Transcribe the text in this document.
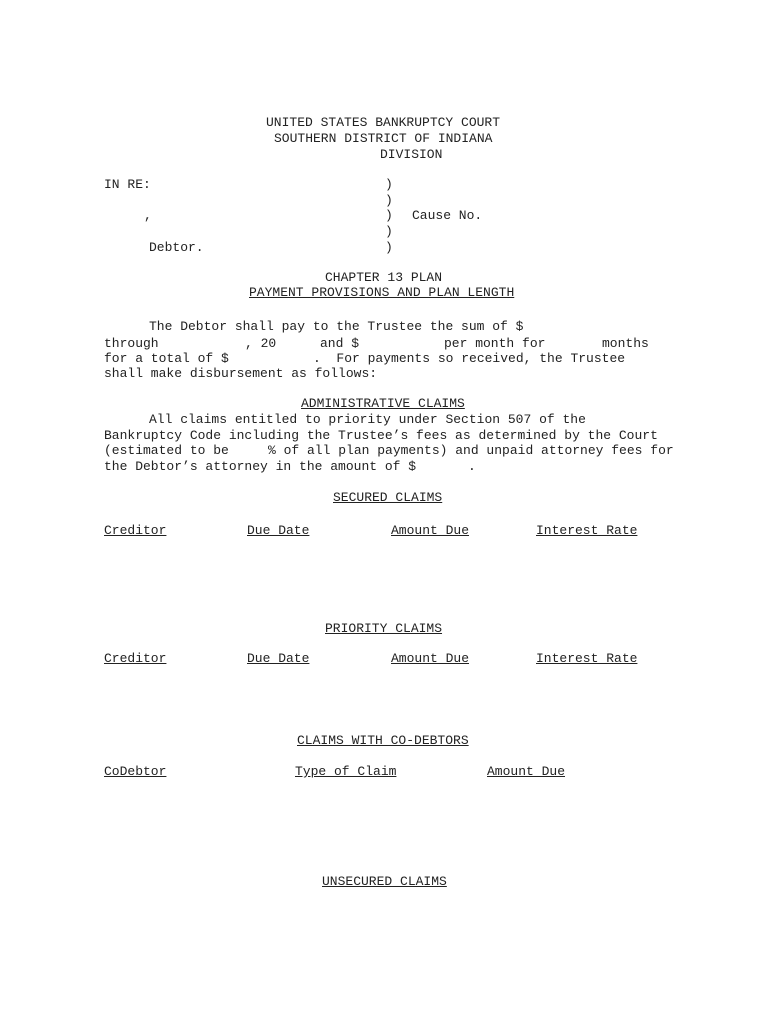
UNITED STATES BANKRUPTCY COURT
SOUTHERN DISTRICT OF INDIANA
DIVISION
IN RE:	)
)
,	) Cause No.
)
Debtor.	)
CHAPTER 13 PLAN
PAYMENT PROVISIONS AND PLAN LENGTH
The Debtor shall pay to the Trustee the sum of $
through	, 20	and $	per month for	months
for a total of $	.  For payments so received, the Trustee
shall make disbursement as follows:
ADMINISTRATIVE CLAIMS
All claims entitled to priority under Section 507 of the
Bankruptcy Code including the Trustee’s fees as determined by the Court
(estimated to be	% of all plan payments) and unpaid attorney fees for
the Debtor’s attorney in the amount of $	.
SECURED CLAIMS
Creditor	Due Date	Amount Due	Interest Rate
PRIORITY CLAIMS
Creditor	Due Date	Amount Due	Interest Rate
CLAIMS WITH CO-DEBTORS
CoDebtor	Type of Claim	Amount Due
UNSECURED CLAIMS
